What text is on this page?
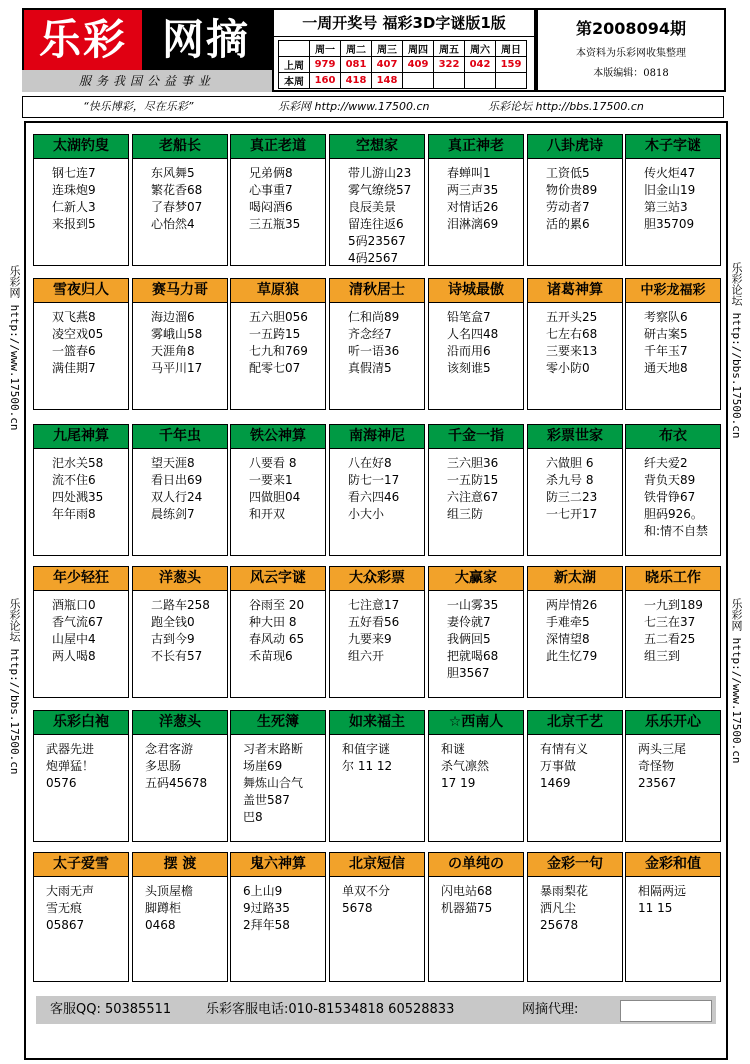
乐彩 网摘
服务我国公益事业
一周开奖号 福彩3D字谜版1版
	周一	周二	周三	周四	周五	周六	周日
上周	979	081	407	409	322	042	159
本周	160	418	148				
第2008094期
本资料为乐彩网收集整理
本版编辑：0818
“快乐博彩，尽在乐彩”	乐彩网 http://www.17500.cn	乐彩论坛 http://bbs.17500.cn
乐彩网 http://www.17500.cn
乐彩论坛 http://bbs.17500.cn
乐彩论坛 http://bbs.17500.cn
乐彩网 http://www.17500.cn
太湖钓叟
钢七连7
连珠炮9
仁新人3
来报到5
老船长
东风舞5
繁花香68
了春梦07
心怡然4
真正老道
兄弟俩8
心事重7
喝闷酒6
三五瓶35
空想家
带儿游山23
雾气缭绕57
良辰美景
留连往返6
5码23567
4码2567
真正神老
春蝉叫1
两三声35
对情话26
泪淋漓69
八卦虎诗
工资低5
物价贵89
劳动者7
活的累6
木子字谜
传火炬47
旧金山19
第三站3
胆35709
雪夜归人
双飞燕8
凌空戏05
一篮春6
满佳期7
赛马力哥
海边溜6
雾峨山58
天涯角8
马平川17
草原狼
五六胆056
一五跨15
七九和769
配零七07
清秋居士
仁和尚89
齐念经7
听一语36
真假清5
诗城最傲
铅笔盒7
人名四48
沿而用6
该刻谁5
诸葛神算
五开头25
七左右68
三要来13
零小防0
中彩龙福彩
考察队6
研古案5
千年玉7
通天地8
九尾神算
汜水关58
流不住6
四处溅35
年年雨8
千年虫
望天涯8
看日出69
双人行24
晨练剑7
铁公神算
八要看 8
一要来1
四做胆04
和开双
南海神尼
八在好8
防七一17
看六四46
小大小
千金一指
三六胆36
一五防15
六注意67
组三防
彩票世家
六做胆 6
杀九号 8
防三二23
一七开17
布衣
纤夫爱2
背负天89
铁骨铮67
胆码926。
和:情不自禁
年少轻狂
酒瓶口0
香气流67
山屋中4
两人喝8
洋葱头
二路车258
跑全钱0
古到今9
不长有57
风云字谜
谷雨至 20
种大田 8
春风动 65
禾苗现6
大众彩票
七注意17
五好看56
九要来9
组六开
大赢家
一山雾35
妻伶就7
我俩回5
把就喝68
胆3567
新太湖
两岸情26
手难牵5
深情望8
此生忆79
晓乐工作
一九到189
七三在37
五二看25
组三到
乐彩白袍
武器先进
炮弹猛！
0576
洋葱头
念君客游
多思肠
五码45678
生死簿
习者末路断
场崖69
舞炼山合气
盖世587
巴8
如来福主
和值字谜
尔 11 12
☆西南人
和谜
杀气凛然
17 19
北京千艺
有情有义
万事做
1469
乐乐开心
两头三尾
奇怪物
23567
太子爱雪
大雨无声
雪无痕
05867
摆 渡
头顶屋檐
脚蹲柜
0468
鬼六神算
6上山9
9过路35
2拜年58
北京短信
单双不分
5678
の单纯の
闪电站68
机器猫75
金彩一句
暴雨梨花
洒凡尘
25678
金彩和值
相隔两远
11 15
客服QQ: 50385511	乐彩客服电话:010-81534818 60528833	网摘代理:
